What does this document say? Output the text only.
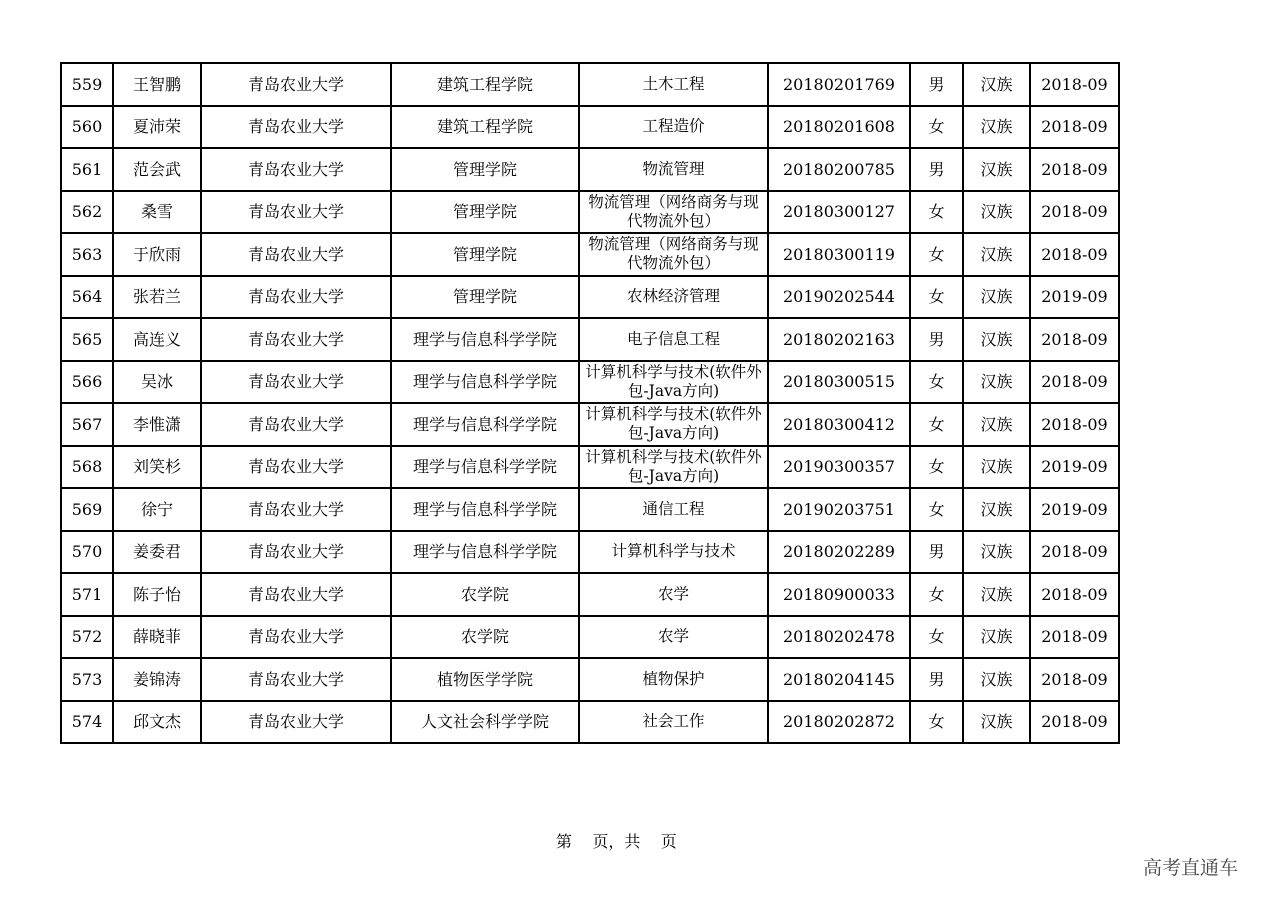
559	王智鹏	青岛农业大学	建筑工程学院	土木工程	20180201769	男	汉族	2018-09
560	夏沛荣	青岛农业大学	建筑工程学院	工程造价	20180201608	女	汉族	2018-09
561	范会武	青岛农业大学	管理学院	物流管理	20180200785	男	汉族	2018-09
562	桑雪	青岛农业大学	管理学院	物流管理（网络商务与现代物流外包）	20180300127	女	汉族	2018-09
563	于欣雨	青岛农业大学	管理学院	物流管理（网络商务与现代物流外包）	20180300119	女	汉族	2018-09
564	张若兰	青岛农业大学	管理学院	农林经济管理	20190202544	女	汉族	2019-09
565	高连义	青岛农业大学	理学与信息科学学院	电子信息工程	20180202163	男	汉族	2018-09
566	吴冰	青岛农业大学	理学与信息科学学院	计算机科学与技术(软件外包-Java方向)	20180300515	女	汉族	2018-09
567	李惟潇	青岛农业大学	理学与信息科学学院	计算机科学与技术(软件外包-Java方向)	20180300412	女	汉族	2018-09
568	刘笑杉	青岛农业大学	理学与信息科学学院	计算机科学与技术(软件外包-Java方向)	20190300357	女	汉族	2019-09
569	徐宁	青岛农业大学	理学与信息科学学院	通信工程	20190203751	女	汉族	2019-09
570	姜委君	青岛农业大学	理学与信息科学学院	计算机科学与技术	20180202289	男	汉族	2018-09
571	陈子怡	青岛农业大学	农学院	农学	20180900033	女	汉族	2018-09
572	薛晓菲	青岛农业大学	农学院	农学	20180202478	女	汉族	2018-09
573	姜锦涛	青岛农业大学	植物医学学院	植物保护	20180204145	男	汉族	2018-09
574	邱文杰	青岛农业大学	人文社会科学学院	社会工作	20180202872	女	汉族	2018-09
第    页，共    页
高考直通车
